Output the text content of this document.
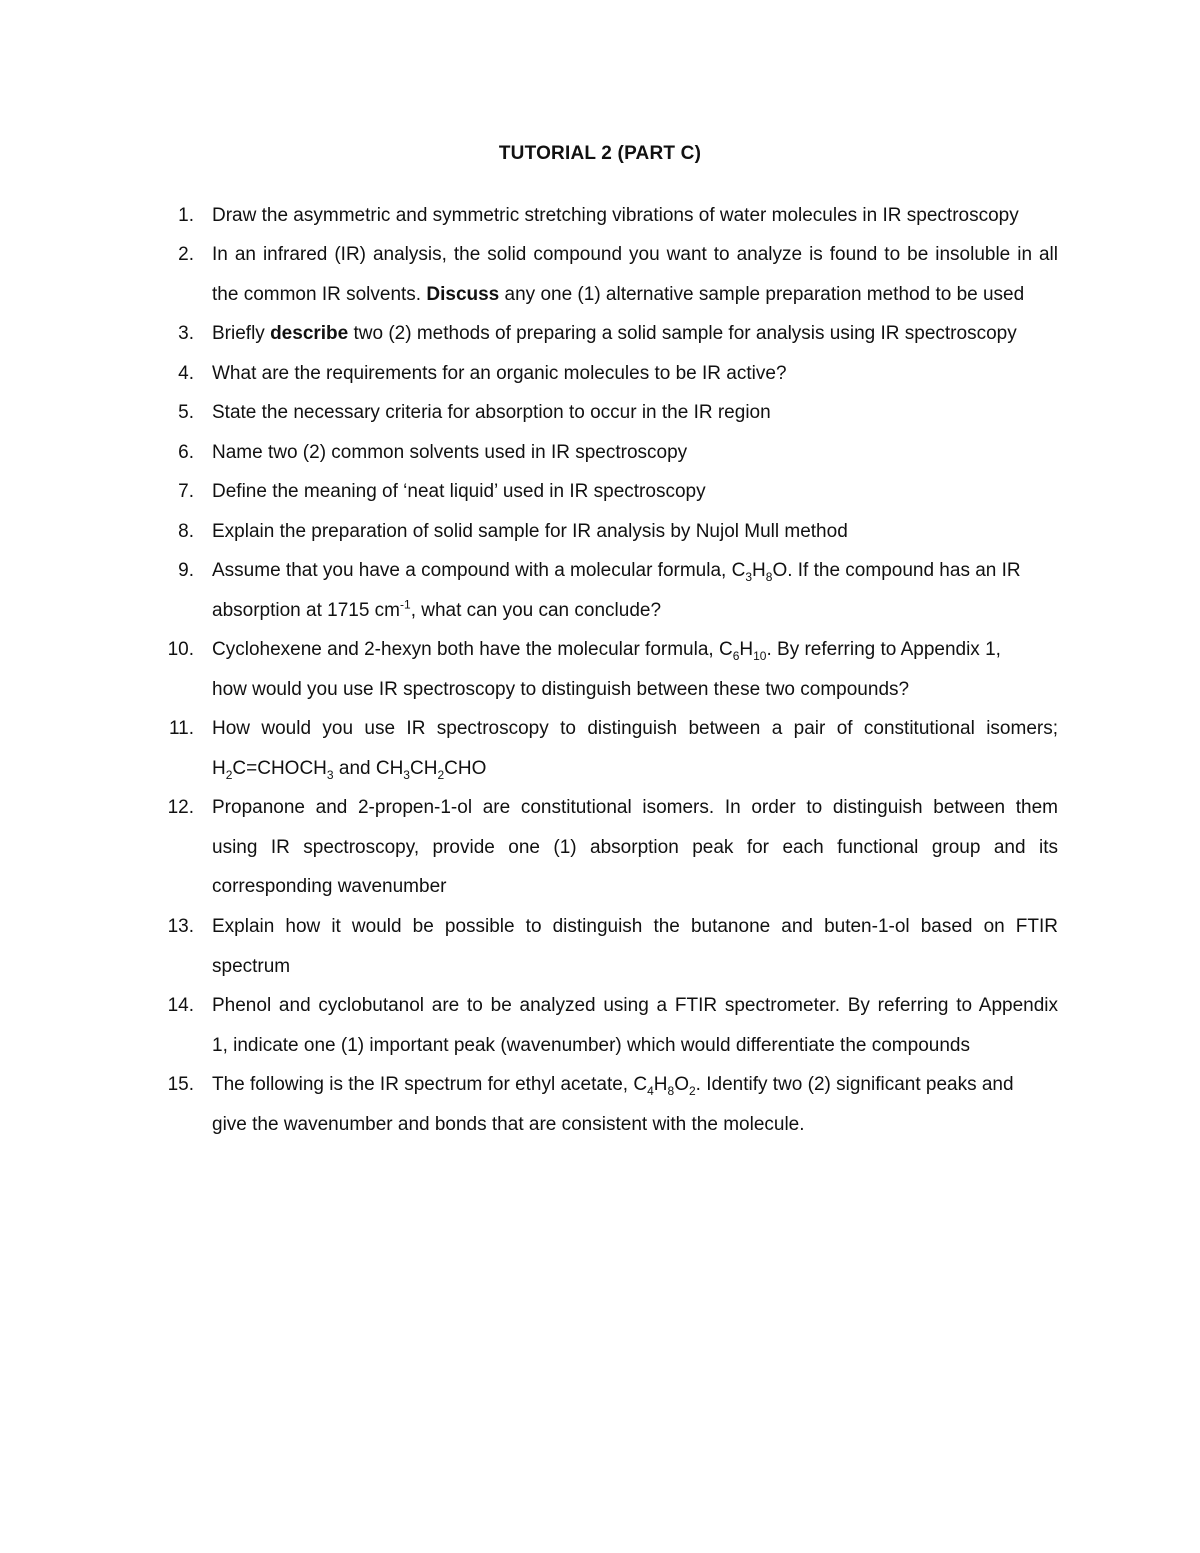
TUTORIAL 2 (PART C)
1. Draw the asymmetric and symmetric stretching vibrations of water molecules in IR spectroscopy
2. In an infrared (IR) analysis, the solid compound you want to analyze is found to be insoluble in all
the common IR solvents. Discuss any one (1) alternative sample preparation method to be used
3. Briefly describe two (2) methods of preparing a solid sample for analysis using IR spectroscopy
4. What are the requirements for an organic molecules to be IR active?
5. State the necessary criteria for absorption to occur in the IR region
6. Name two (2) common solvents used in IR spectroscopy
7. Define the meaning of ‘neat liquid’ used in IR spectroscopy
8. Explain the preparation of solid sample for IR analysis by Nujol Mull method
9. Assume that you have a compound with a molecular formula, $C_3H_8O$. If the compound has an IR
absorption at 1715 $cm^{-1}$, what can you can conclude?
10. Cyclohexene and 2-hexyn both have the molecular formula, $C_6H_{10}$. By referring to Appendix 1,
how would you use IR spectroscopy to distinguish between these two compounds?
11. How would you use IR spectroscopy to distinguish between a pair of constitutional isomers;
$H_2C=CHOCH_3$ and $CH_3CH_2CHO$
12. Propanone and 2-propen-1-ol are constitutional isomers. In order to distinguish between them
using IR spectroscopy, provide one (1) absorption peak for each functional group and its
corresponding wavenumber
13. Explain how it would be possible to distinguish the butanone and buten-1-ol based on FTIR
spectrum
14. Phenol and cyclobutanol are to be analyzed using a FTIR spectrometer. By referring to Appendix
1, indicate one (1) important peak (wavenumber) which would differentiate the compounds
15. The following is the IR spectrum for ethyl acetate, $C_4H_8O_2$. Identify two (2) significant peaks and
give the wavenumber and bonds that are consistent with the molecule.
